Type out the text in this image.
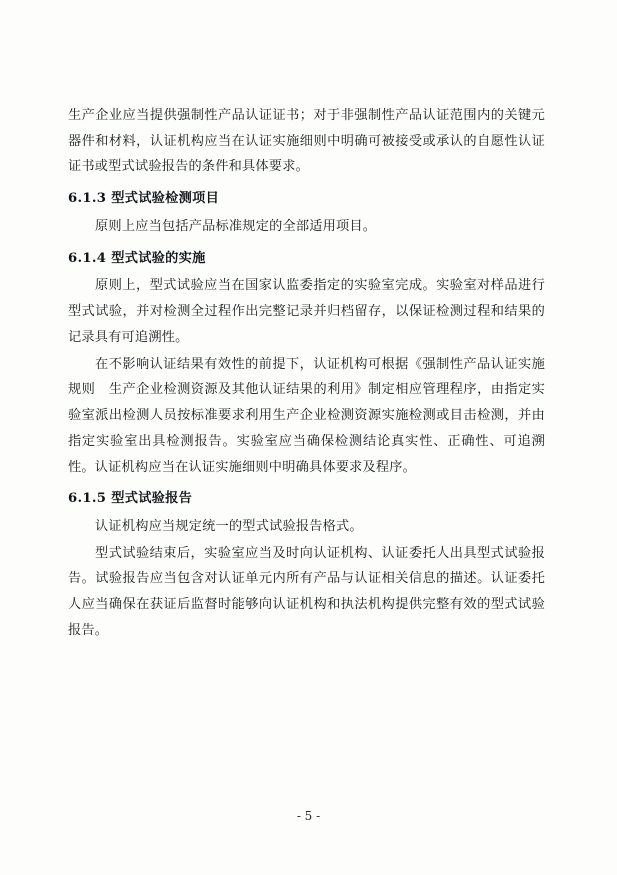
生产企业应当提供强制性产品认证证书；对于非强制性产品认证范围内的关键元器件和材料，认证机构应当在认证实施细则中明确可被接受或承认的自愿性认证证书或型式试验报告的条件和具体要求。

6.1.3 型式试验检测项目

原则上应当包括产品标准规定的全部适用项目。

6.1.4 型式试验的实施

原则上，型式试验应当在国家认监委指定的实验室完成。实验室对样品进行型式试验，并对检测全过程作出完整记录并归档留存，以保证检测过程和结果的记录具有可追溯性。

在不影响认证结果有效性的前提下，认证机构可根据《强制性产品认证实施规则　生产企业检测资源及其他认证结果的利用》制定相应管理程序，由指定实验室派出检测人员按标准要求利用生产企业检测资源实施检测或目击检测，并由指定实验室出具检测报告。实验室应当确保检测结论真实性、正确性、可追溯性。认证机构应当在认证实施细则中明确具体要求及程序。

6.1.5 型式试验报告

认证机构应当规定统一的型式试验报告格式。

型式试验结束后，实验室应当及时向认证机构、认证委托人出具型式试验报告。试验报告应当包含对认证单元内所有产品与认证相关信息的描述。认证委托人应当确保在获证后监督时能够向认证机构和执法机构提供完整有效的型式试验报告。

- 5 -
